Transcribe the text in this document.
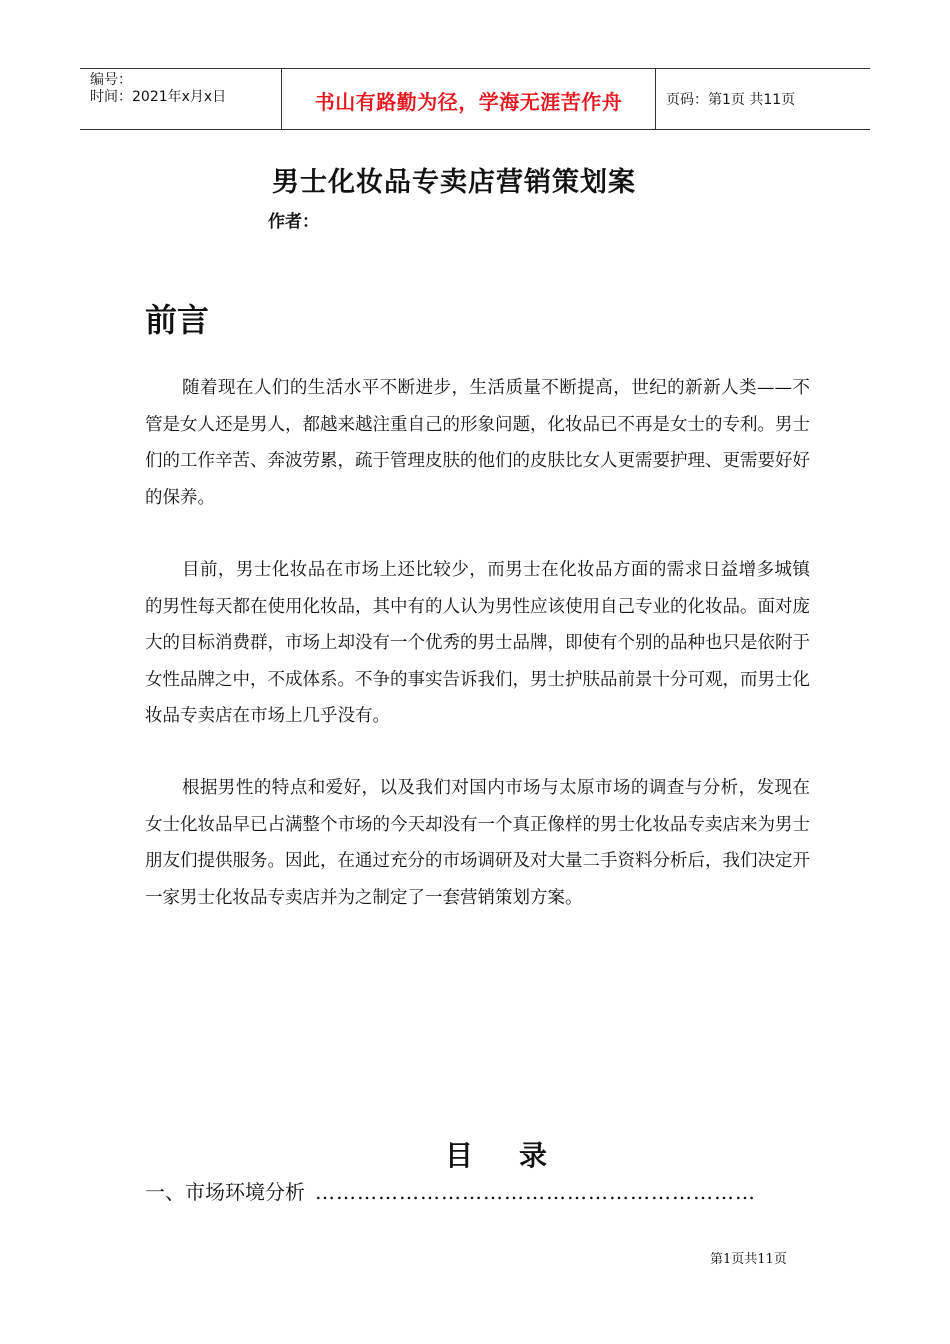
编号：
时间：2021年x月x日	书山有路勤为径，学海无涯苦作舟	页码：第1页 共11页
男士化妆品专卖店营销策划案
作者：
前言

随着现在人们的生活水平不断进步，生活质量不断提高，世纪的新新人类——不管是女人还是男人，都越来越注重自己的形象问题，化妆品已不再是女士的专利。男士们的工作辛苦、奔波劳累，疏于管理皮肤的他们的皮肤比女人更需要护理、更需要好好的保养。

目前，男士化妆品在市场上还比较少，而男士在化妆品方面的需求日益增多城镇的男性每天都在使用化妆品，其中有的人认为男性应该使用自己专业的化妆品。面对庞大的目标消费群，市场上却没有一个优秀的男士品牌，即使有个别的品种也只是依附于女性品牌之中，不成体系。不争的事实告诉我们，男士护肤品前景十分可观，而男士化妆品专卖店在市场上几乎没有。

根据男性的特点和爱好，以及我们对国内市场与太原市场的调查与分析，发现在女士化妆品早已占满整个市场的今天却没有一个真正像样的男士化妆品专卖店来为男士朋友们提供服务。因此，在通过充分的市场调研及对大量二手资料分析后，我们决定开一家男士化妆品专卖店并为之制定了一套营销策划方案。

目 录
一、市场环境分析 ………………………………………………………
第1页共11页
